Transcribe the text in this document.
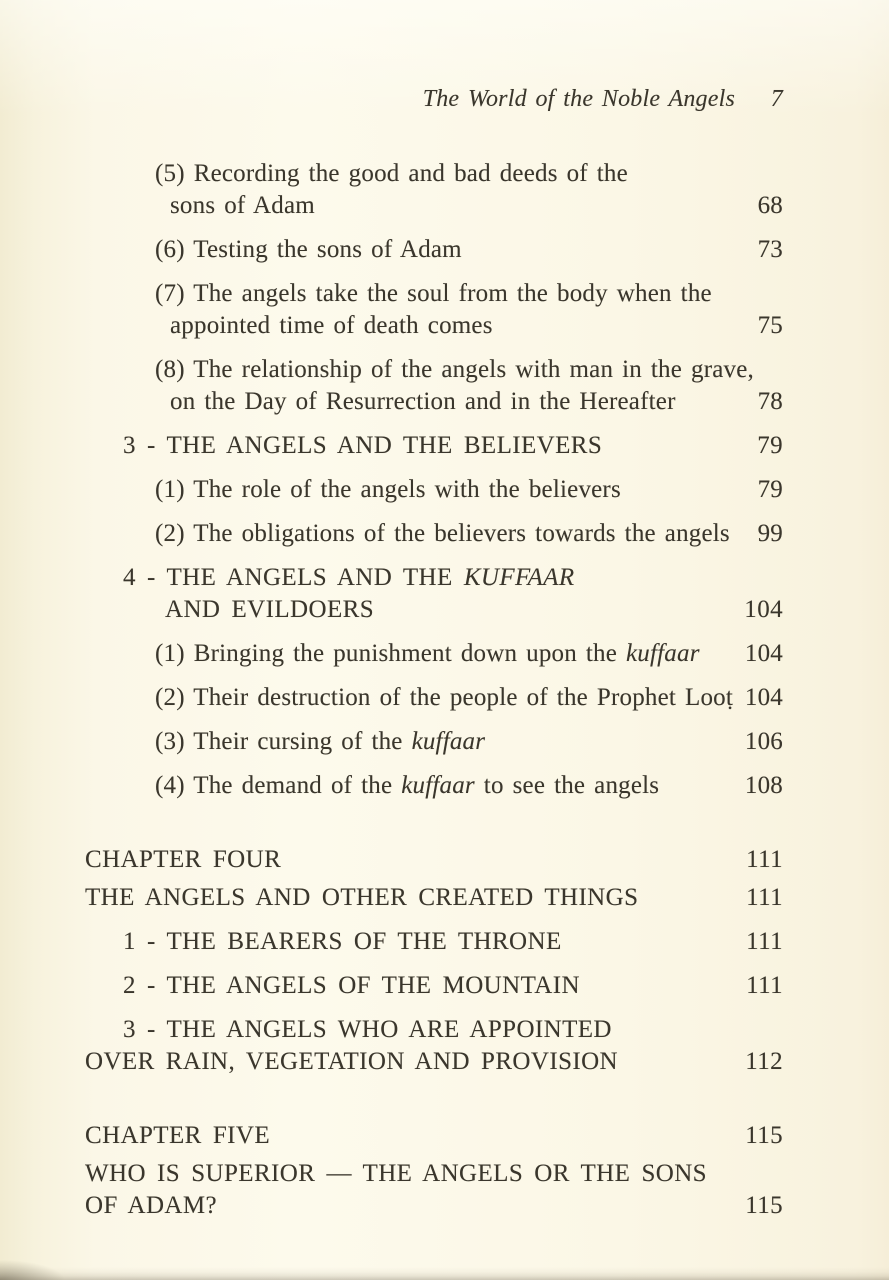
The World of the Noble Angels	7
(5) Recording the good and bad deeds of the
sons of Adam	68
(6) Testing the sons of Adam	73
(7) The angels take the soul from the body when the
appointed time of death comes	75
(8) The relationship of the angels with man in the grave,
on the Day of Resurrection and in the Hereafter	78
3 - THE ANGELS AND THE BELIEVERS	79
(1) The role of the angels with the believers	79
(2) The obligations of the believers towards the angels	99
4 - THE ANGELS AND THE KUFFAAR
AND EVILDOERS	104
(1) Bringing the punishment down upon the kuffaar	104
(2) Their destruction of the people of the Prophet Looṭ 104
(3) Their cursing of the kuffaar	106
(4) The demand of the kuffaar to see the angels	108
CHAPTER FOUR	111
THE ANGELS AND OTHER CREATED THINGS	111
1 - THE BEARERS OF THE THRONE	111
2 - THE ANGELS OF THE MOUNTAIN	111
3 - THE ANGELS WHO ARE APPOINTED
OVER RAIN, VEGETATION AND PROVISION	112
CHAPTER FIVE	115
WHO IS SUPERIOR — THE ANGELS OR THE SONS
OF ADAM?	115
